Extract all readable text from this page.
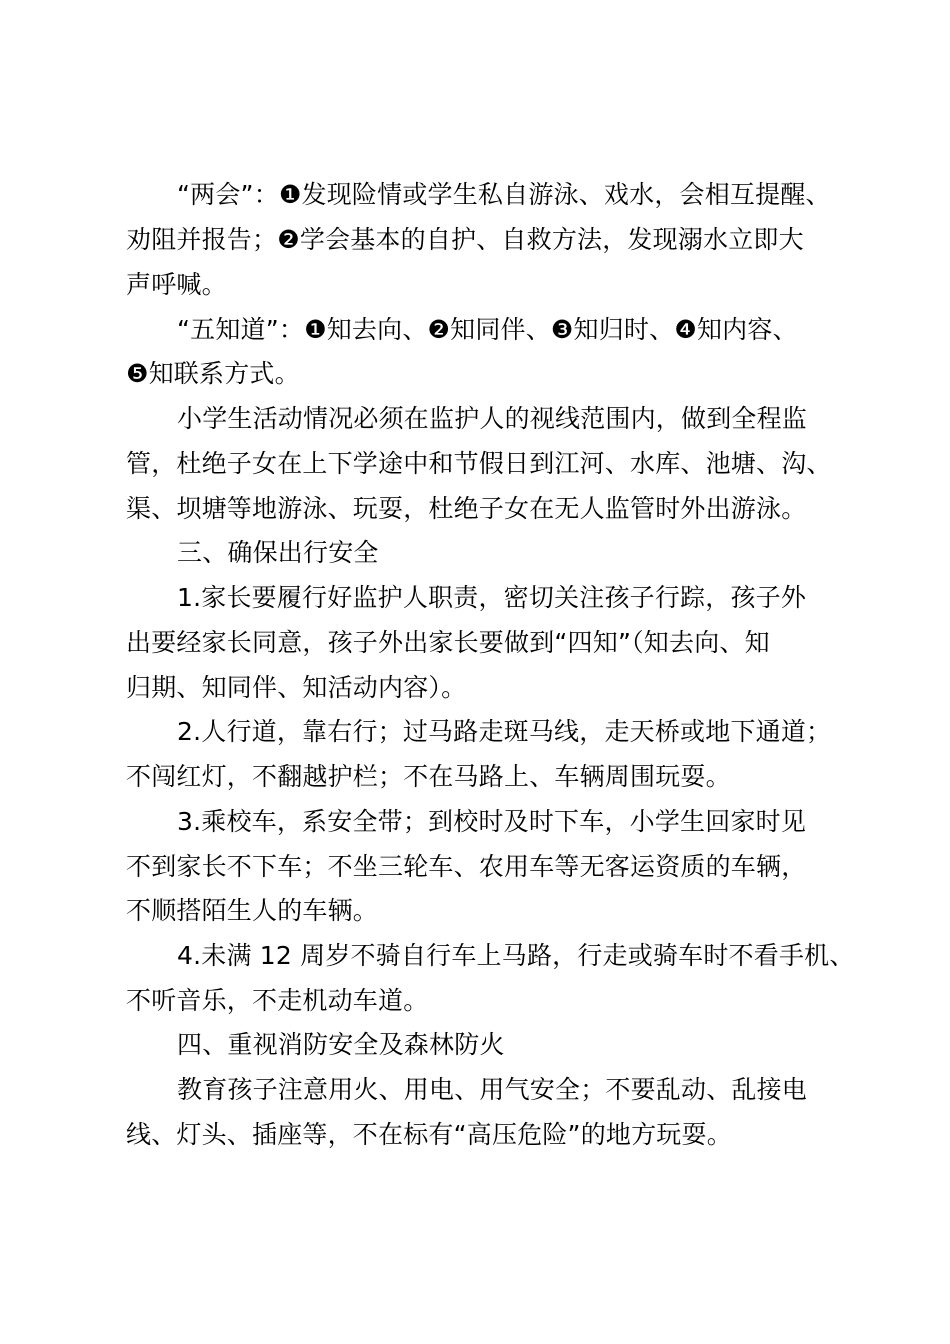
“两会”：❶发现险情或学生私自游泳、戏水，会相互提醒、
劝阻并报告；❷学会基本的自护、自救方法，发现溺水立即大
声呼喊。
“五知道”：❶知去向、❷知同伴、❸知归时、❹知内容、
❺知联系方式。
小学生活动情况必须在监护人的视线范围内，做到全程监
管，杜绝子女在上下学途中和节假日到江河、水库、池塘、沟、
渠、坝塘等地游泳、玩耍，杜绝子女在无人监管时外出游泳。
三、确保出行安全
1.家长要履行好监护人职责，密切关注孩子行踪，孩子外
出要经家长同意，孩子外出家长要做到“四知”（知去向、知
归期、知同伴、知活动内容）。
2.人行道，靠右行；过马路走斑马线，走天桥或地下通道；
不闯红灯，不翻越护栏；不在马路上、车辆周围玩耍。
3.乘校车，系安全带；到校时及时下车，小学生回家时见
不到家长不下车；不坐三轮车、农用车等无客运资质的车辆，
不顺搭陌生人的车辆。
4.未满 12 周岁不骑自行车上马路，行走或骑车时不看手机、
不听音乐，不走机动车道。
四、重视消防安全及森林防火
教育孩子注意用火、用电、用气安全；不要乱动、乱接电
线、灯头、插座等，不在标有“高压危险”的地方玩耍。
